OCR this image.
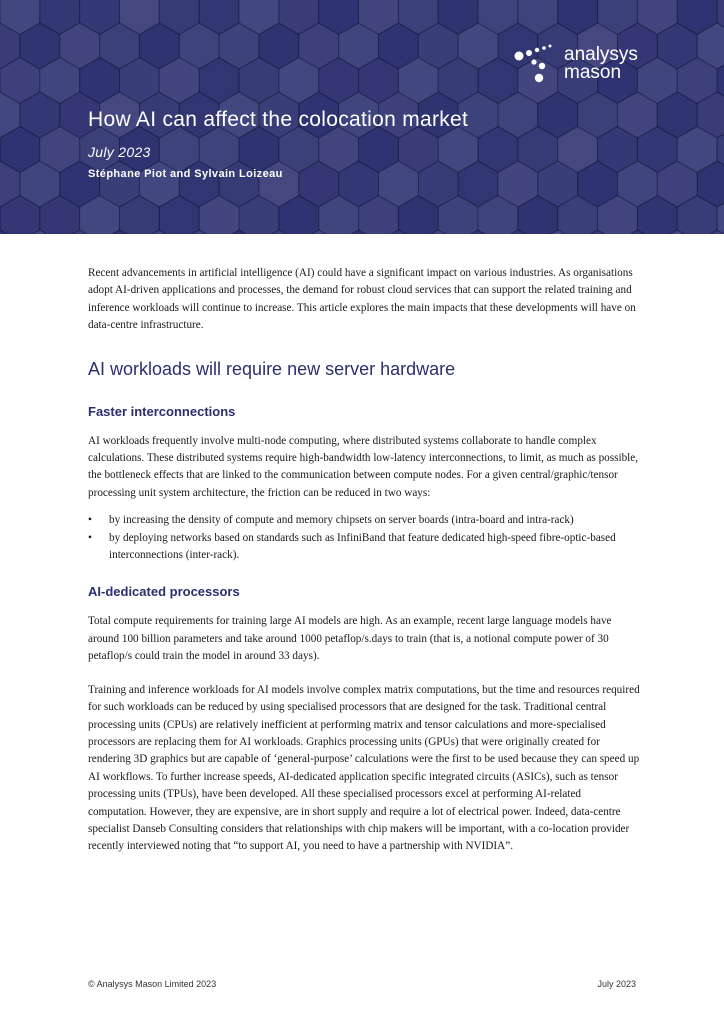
analysys
mason
How AI can affect the colocation market
July 2023
Stéphane Piot and Sylvain Loizeau

Recent advancements in artificial intelligence (AI) could have a significant impact on various industries. As organisations adopt AI-driven applications and processes, the demand for robust cloud services that can support the related training and inference workloads will continue to increase. This article explores the main impacts that these developments will have on data-centre infrastructure.

AI workloads will require new server hardware
Faster interconnections

AI workloads frequently involve multi-node computing, where distributed systems collaborate to handle complex calculations. These distributed systems require high-bandwidth low-latency interconnections, to limit, as much as possible, the bottleneck effects that are linked to the communication between compute nodes. For a given central/graphic/tensor processing unit system architecture, the friction can be reduced in two ways:

• by increasing the density of compute and memory chipsets on server boards (intra-board and intra-rack)
• by deploying networks based on standards such as InfiniBand that feature dedicated high-speed fibre-optic-based interconnections (inter-rack).
AI-dedicated processors

Total compute requirements for training large AI models are high. As an example, recent large language models have around 100 billion parameters and take around 1000 petaflop/s.days to train (that is, a notional compute power of 30 petaflop/s could train the model in around 33 days).

Training and inference workloads for AI models involve complex matrix computations, but the time and resources required for such workloads can be reduced by using specialised processors that are designed for the task. Traditional central processing units (CPUs) are relatively inefficient at performing matrix and tensor calculations and more-specialised processors are replacing them for AI workloads. Graphics processing units (GPUs) that were originally created for rendering 3D graphics but are capable of ‘general-purpose’ calculations were the first to be used because they can speed up AI workflows. To further increase speeds, AI-dedicated application specific integrated circuits (ASICs), such as tensor processing units (TPUs), have been developed. All these specialised processors excel at performing AI-related computation. However, they are expensive, are in short supply and require a lot of electrical power. Indeed, data-centre specialist Danseb Consulting considers that relationships with chip makers will be important, with a co-location provider recently interviewed noting that “to support AI, you need to have a partnership with NVIDIA”.

© Analysys Mason Limited 2023	July 2023
